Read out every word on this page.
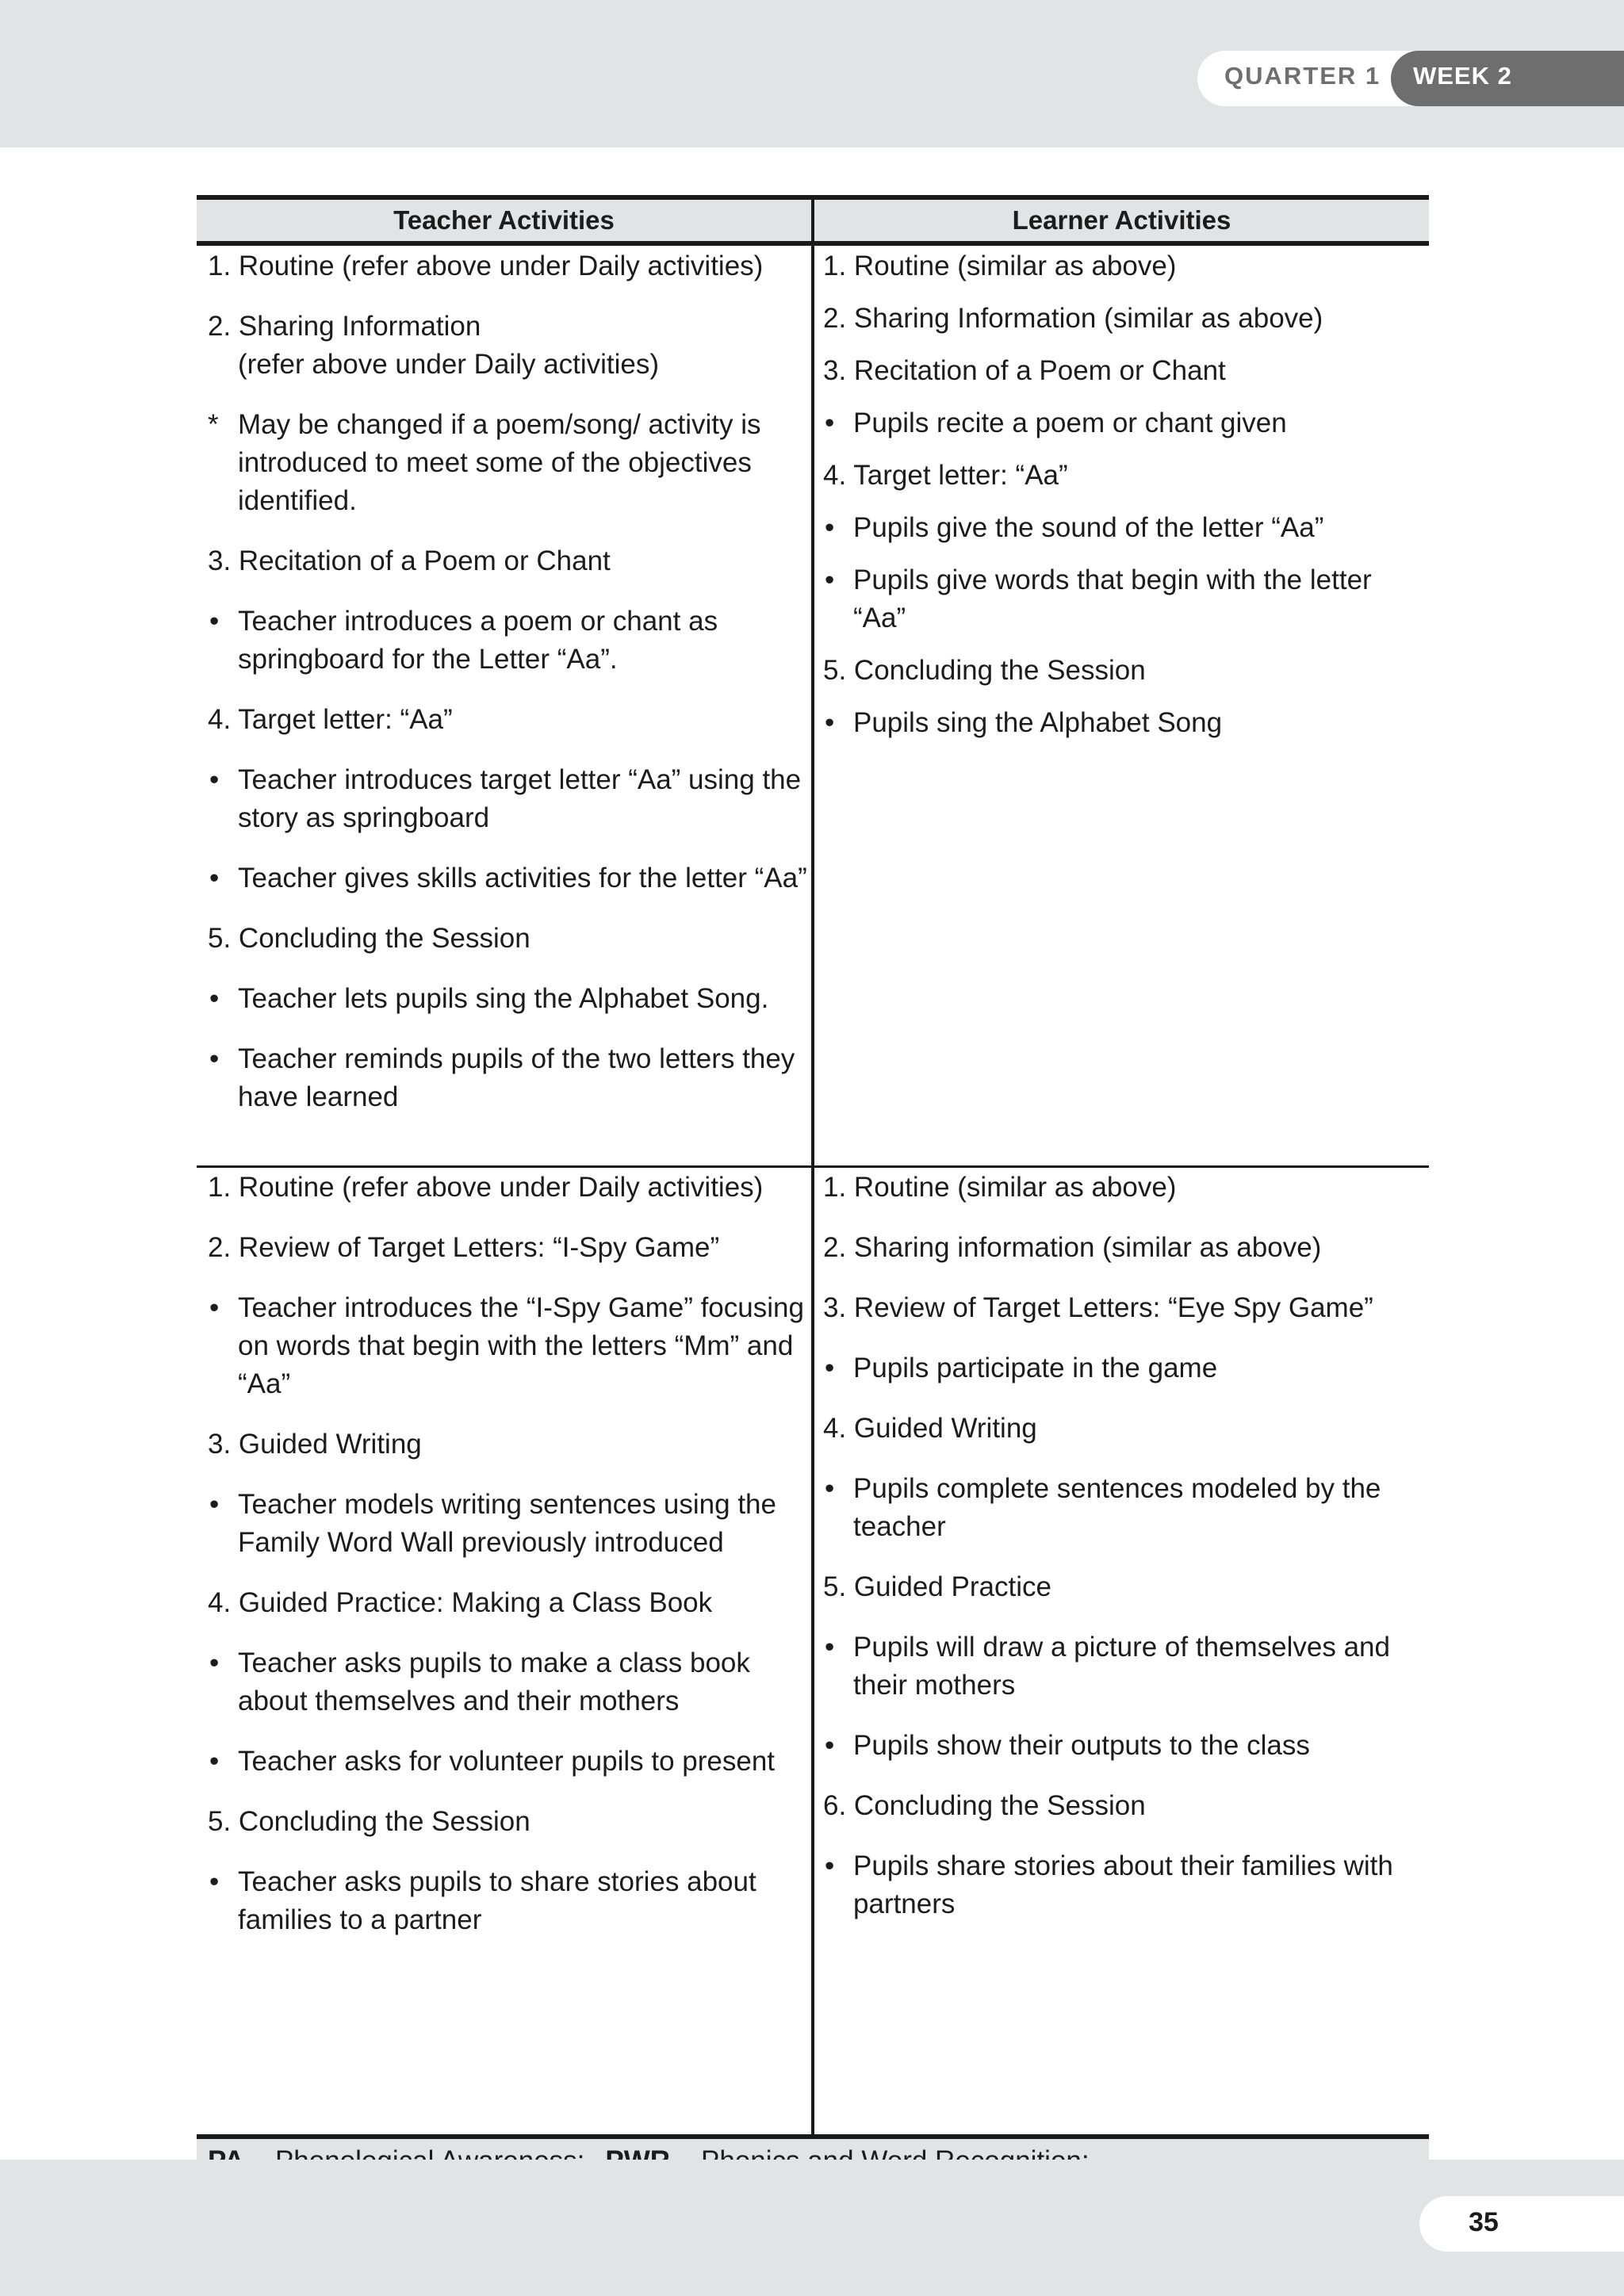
QUARTER 1 WEEK 2
Teacher Activities	Learner Activities
1. Routine (refer above under Daily activities)
2. Sharing Information
(refer above under Daily activities)
* May be changed if a poem/song/ activity is introduced to meet some of the objectives identified.
3. Recitation of a Poem or Chant
• Teacher introduces a poem or chant as springboard for the Letter “Aa”.
4. Target letter: “Aa”
• Teacher introduces target letter “Aa” using the story as springboard
• Teacher gives skills activities for the letter “Aa”
5. Concluding the Session
• Teacher lets pupils sing the Alphabet Song.
• Teacher reminds pupils of the two letters they have learned
1. Routine (similar as above)
2. Sharing Information (similar as above)
3. Recitation of a Poem or Chant
• Pupils recite a poem or chant given
4. Target letter: “Aa”
• Pupils give the sound of the letter “Aa”
• Pupils give words that begin with the letter “Aa”
5. Concluding the Session
• Pupils sing the Alphabet Song
1. Routine (refer above under Daily activities)
2. Review of Target Letters: “I-Spy Game”
• Teacher introduces the “I-Spy Game” focusing on words that begin with the letters “Mm” and “Aa”
3. Guided Writing
• Teacher models writing sentences using the Family Word Wall previously introduced
4. Guided Practice: Making a Class Book
• Teacher asks pupils to make a class book about themselves and their mothers
• Teacher asks for volunteer pupils to present
5. Concluding the Session
• Teacher asks pupils to share stories about families to a partner
1. Routine (similar as above)
2. Sharing information (similar as above)
3. Review of Target Letters: “Eye Spy Game”
• Pupils participate in the game
4. Guided Writing
• Pupils complete sentences modeled by the teacher
5. Guided Practice
• Pupils will draw a picture of themselves and their mothers
• Pupils show their outputs to the class
6. Concluding the Session
• Pupils share stories about their families with partners
35
